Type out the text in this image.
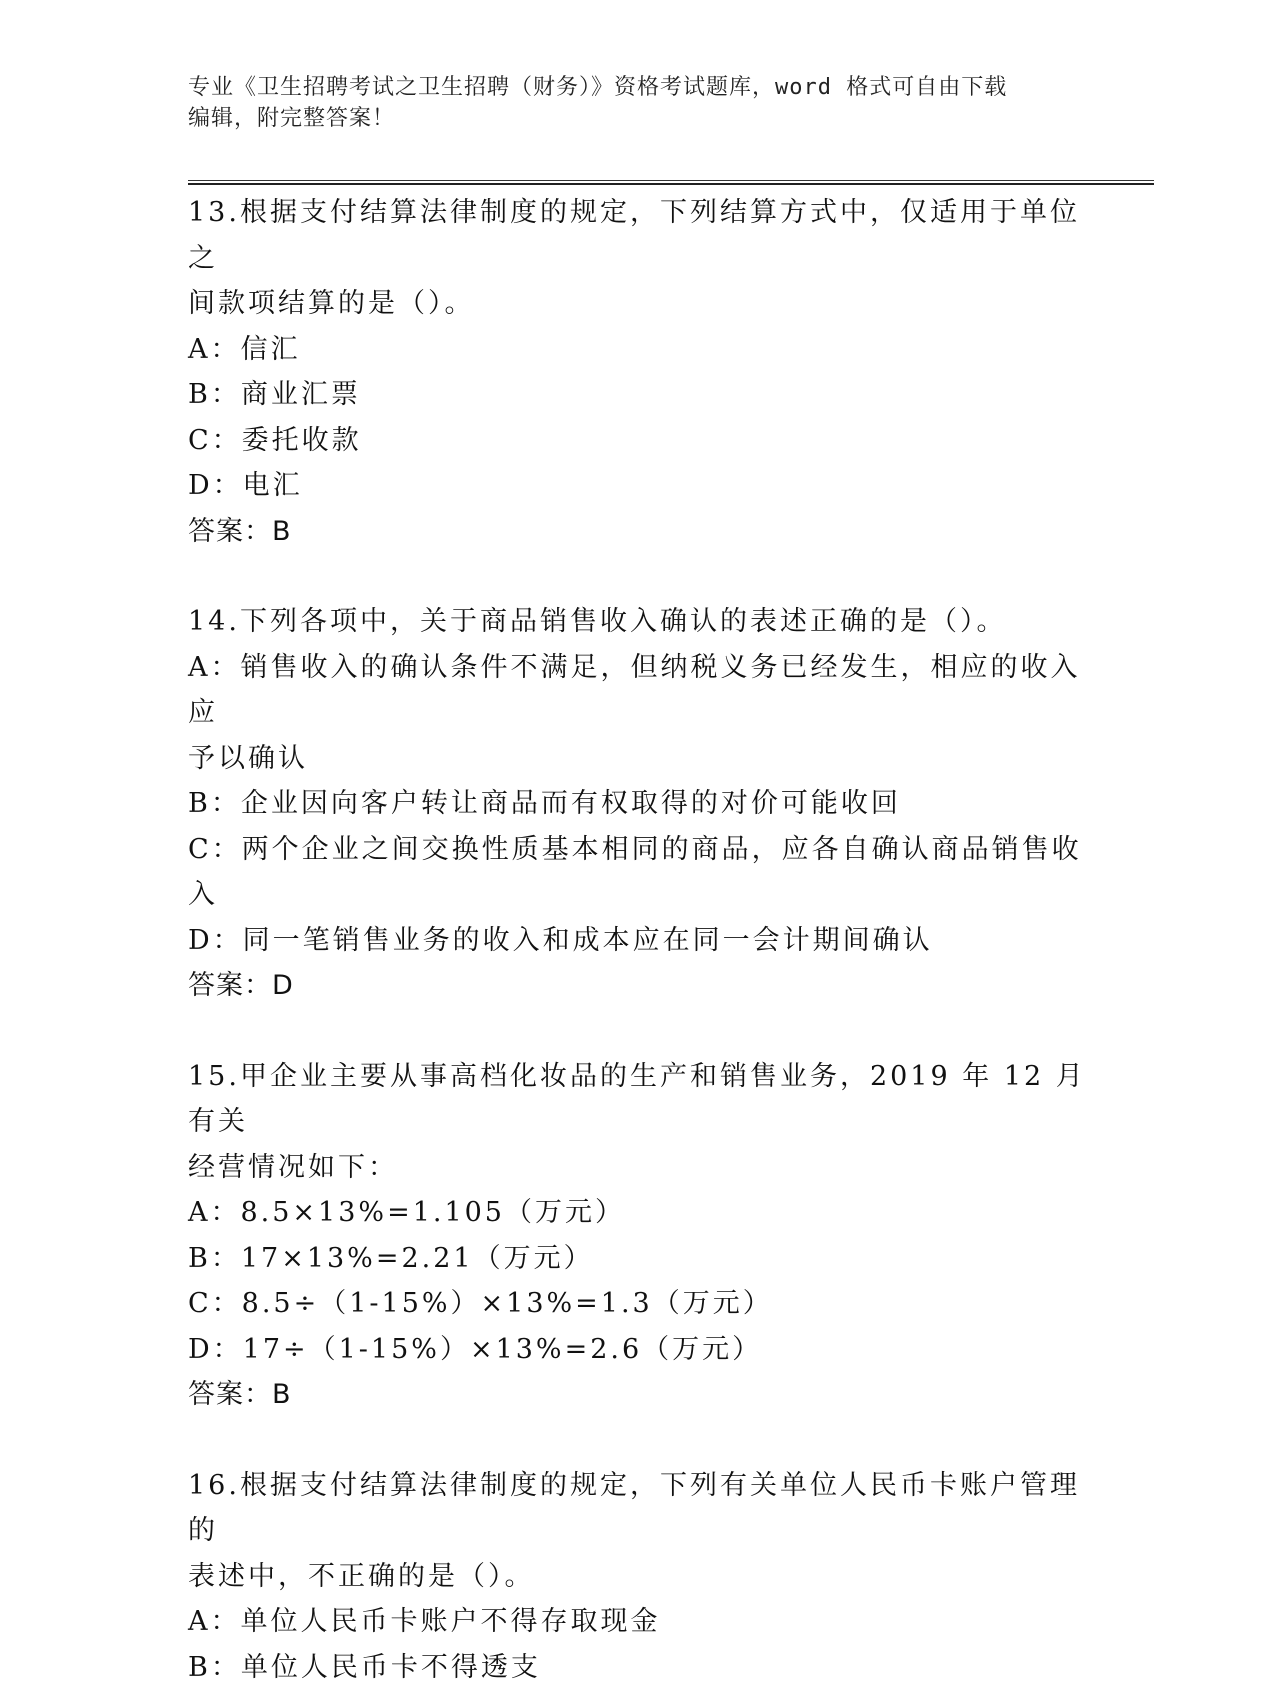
专业《卫生招聘考试之卫生招聘（财务）》资格考试题库，word 格式可自由下载
编辑，附完整答案！
13.根据支付结算法律制度的规定，下列结算方式中，仅适用于单位之
间款项结算的是（）。
A：信汇
B：商业汇票
C：委托收款
D：电汇
答案：B
14.下列各项中，关于商品销售收入确认的表述正确的是（）。
A：销售收入的确认条件不满足，但纳税义务已经发生，相应的收入应
予以确认
B：企业因向客户转让商品而有权取得的对价可能收回
C：两个企业之间交换性质基本相同的商品，应各自确认商品销售收入
D：同一笔销售业务的收入和成本应在同一会计期间确认
答案：D
15.甲企业主要从事高档化妆品的生产和销售业务，2019 年 12 月有关
经营情况如下：
A：8.5×13%=1.105（万元）
B：17×13%=2.21（万元）
C：8.5÷（1-15%）×13%=1.3（万元）
D：17÷（1-15%）×13%=2.6（万元）
答案：B
16.根据支付结算法律制度的规定，下列有关单位人民币卡账户管理的
表述中，不正确的是（）。
A：单位人民币卡账户不得存取现金
B：单位人民币卡不得透支
